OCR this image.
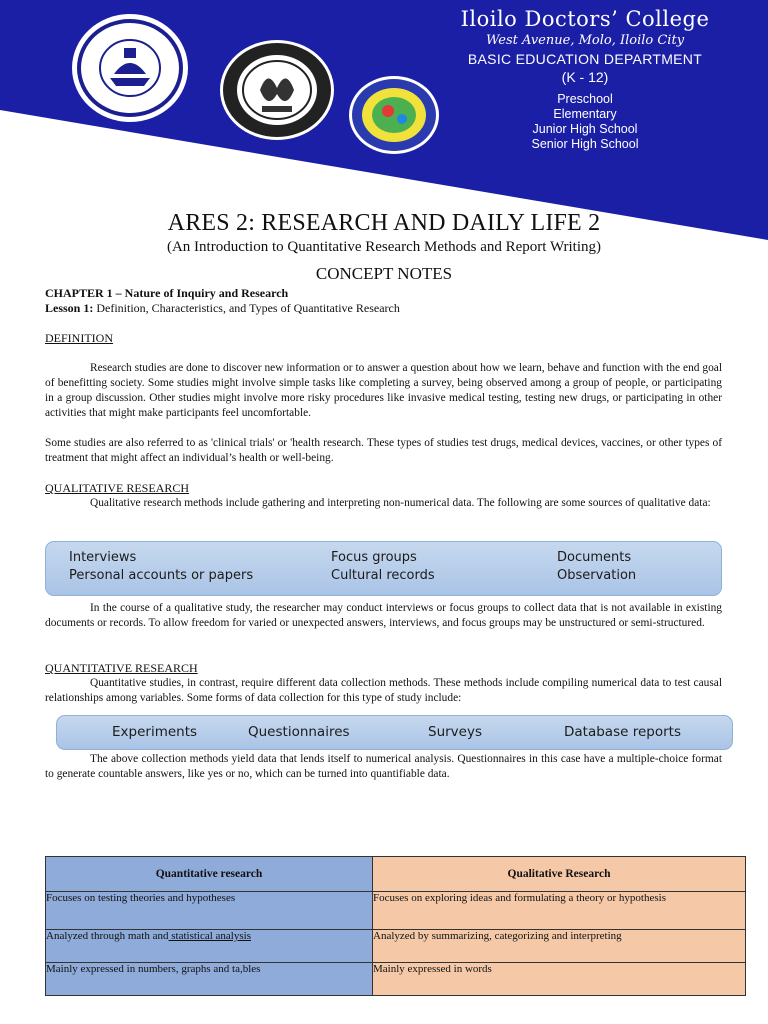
Iloilo Doctors’ College
West Avenue, Molo, Iloilo City
BASIC EDUCATION DEPARTMENT
(K - 12)
Preschool
Elementary
Junior High School
Senior High School
ARES 2: RESEARCH AND DAILY LIFE 2
(An Introduction to Quantitative Research Methods and Report Writing)
CONCEPT NOTES
CHAPTER 1 – Nature of Inquiry and Research
Lesson 1: Definition, Characteristics, and Types of Quantitative Research
DEFINITION

Research studies are done to discover new information or to answer a question about how we learn, behave and function with the end goal of benefitting society. Some studies might involve simple tasks like completing a survey, being observed among a group of people, or participating in a group discussion. Other studies might involve more risky procedures like invasive medical testing, testing new drugs, or participating in other activities that might make participants feel uncomfortable.

Some studies are also referred to as 'clinical trials' or 'health research. These types of studies test drugs, medical devices, vaccines, or other types of treatment that might affect an individual’s health or well-being.

QUALITATIVE RESEARCH

Qualitative research methods include gathering and interpreting non-numerical data. The following are some sources of qualitative data:

Interviews	Focus groups	Documents
Personal accounts or papers	Cultural records	Observation

In the course of a qualitative study, the researcher may conduct interviews or focus groups to collect data that is not available in existing documents or records. To allow freedom for varied or unexpected answers, interviews, and focus groups may be unstructured or semi-structured.

QUANTITATIVE RESEARCH

Quantitative studies, in contrast, require different data collection methods. These methods include compiling numerical data to test causal relationships among variables. Some forms of data collection for this type of study include:

Experiments	Questionnaires	Surveys	Database reports

The above collection methods yield data that lends itself to numerical analysis. Questionnaires in this case have a multiple-choice format to generate countable answers, like yes or no, which can be turned into quantifiable data.

Quantitative research	Qualitative Research
Focuses on testing theories and hypotheses	Focuses on exploring ideas and formulating a theory or hypothesis
Analyzed through math and statistical analysis	Analyzed by summarizing, categorizing and interpreting
Mainly expressed in numbers, graphs and ta,bles	Mainly expressed in words
